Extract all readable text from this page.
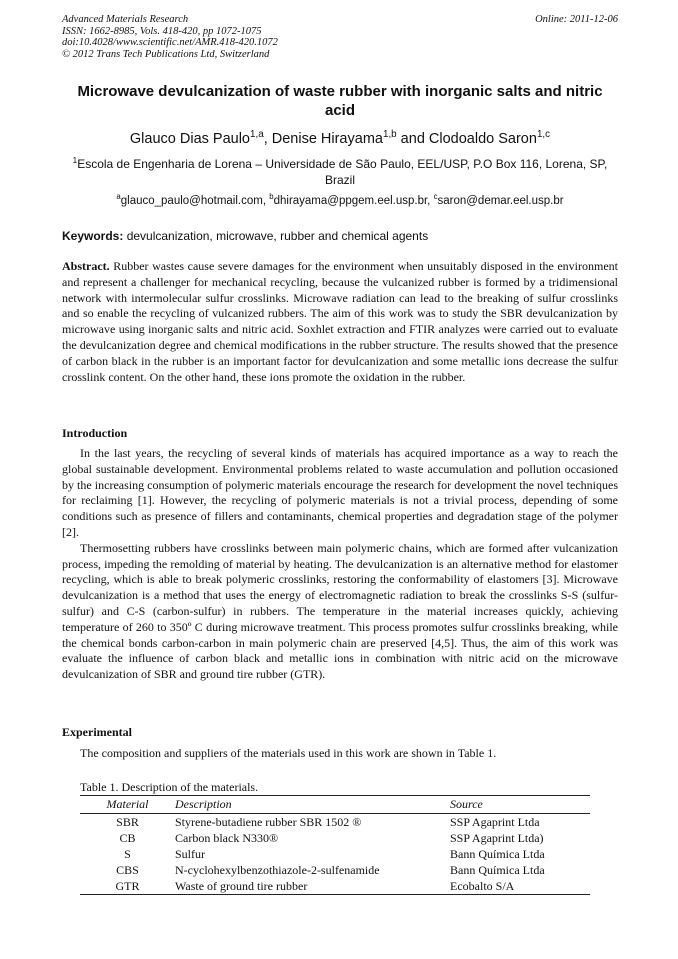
Advanced Materials Research
ISSN: 1662-8985, Vols. 418-420, pp 1072-1075
doi:10.4028/www.scientific.net/AMR.418-420.1072
© 2012 Trans Tech Publications Ltd, Switzerland
Online: 2011-12-06
Microwave devulcanization of waste rubber with inorganic salts and nitric acid
Glauco Dias Paulo$^{1,a}$, Denise Hirayama$^{1,b}$ and Clodoaldo Saron$^{1,c}$
$^1$Escola de Engenharia de Lorena – Universidade de São Paulo, EEL/USP, P.O Box 116, Lorena, SP, Brazil
$^a$glauco_paulo@hotmail.com, $^b$dhirayama@ppgem.eel.usp.br, $^c$saron@demar.eel.usp.br
Keywords: devulcanization, microwave, rubber and chemical agents
Abstract. Rubber wastes cause severe damages for the environment when unsuitably disposed in the environment and represent a challenger for mechanical recycling, because the vulcanized rubber is formed by a tridimensional network with intermolecular sulfur crosslinks. Microwave radiation can lead to the breaking of sulfur crosslinks and so enable the recycling of vulcanized rubbers. The aim of this work was to study the SBR devulcanization by microwave using inorganic salts and nitric acid. Soxhlet extraction and FTIR analyzes were carried out to evaluate the devulcanization degree and chemical modifications in the rubber structure. The results showed that the presence of carbon black in the rubber is an important factor for devulcanization and some metallic ions decrease the sulfur crosslink content. On the other hand, these ions promote the oxidation in the rubber.
Introduction

In the last years, the recycling of several kinds of materials has acquired importance as a way to reach the global sustainable development. Environmental problems related to waste accumulation and pollution occasioned by the increasing consumption of polymeric materials encourage the research for development the novel techniques for reclaiming [1]. However, the recycling of polymeric materials is not a trivial process, depending of some conditions such as presence of fillers and contaminants, chemical properties and degradation stage of the polymer [2].

Thermosetting rubbers have crosslinks between main polymeric chains, which are formed after vulcanization process, impeding the remolding of material by heating. The devulcanization is an alternative method for elastomer recycling, which is able to break polymeric crosslinks, restoring the conformability of elastomers [3]. Microwave devulcanization is a method that uses the energy of electromagnetic radiation to break the crosslinks S-S (sulfur-sulfur) and C-S (carbon-sulfur) in rubbers. The temperature in the material increases quickly, achieving temperature of 260 to 350º C during microwave treatment. This process promotes sulfur crosslinks breaking, while the chemical bonds carbon-carbon in main polymeric chain are preserved [4,5]. Thus, the aim of this work was evaluate the influence of carbon black and metallic ions in combination with nitric acid on the microwave devulcanization of SBR and ground tire rubber (GTR).

Experimental

The composition and suppliers of the materials used in this work are shown in Table 1.

Table 1. Description of the materials.
Material	Description	Source
SBR	Styrene-butadiene rubber SBR 1502 ®	SSP Agaprint Ltda
CB	Carbon black N330®	SSP Agaprint Ltda)
S	Sulfur	Bann Química Ltda
CBS	N-cyclohexylbenzothiazole-2-sulfenamide	Bann Química Ltda
GTR	Waste of ground tire rubber	Ecobalto S/A
